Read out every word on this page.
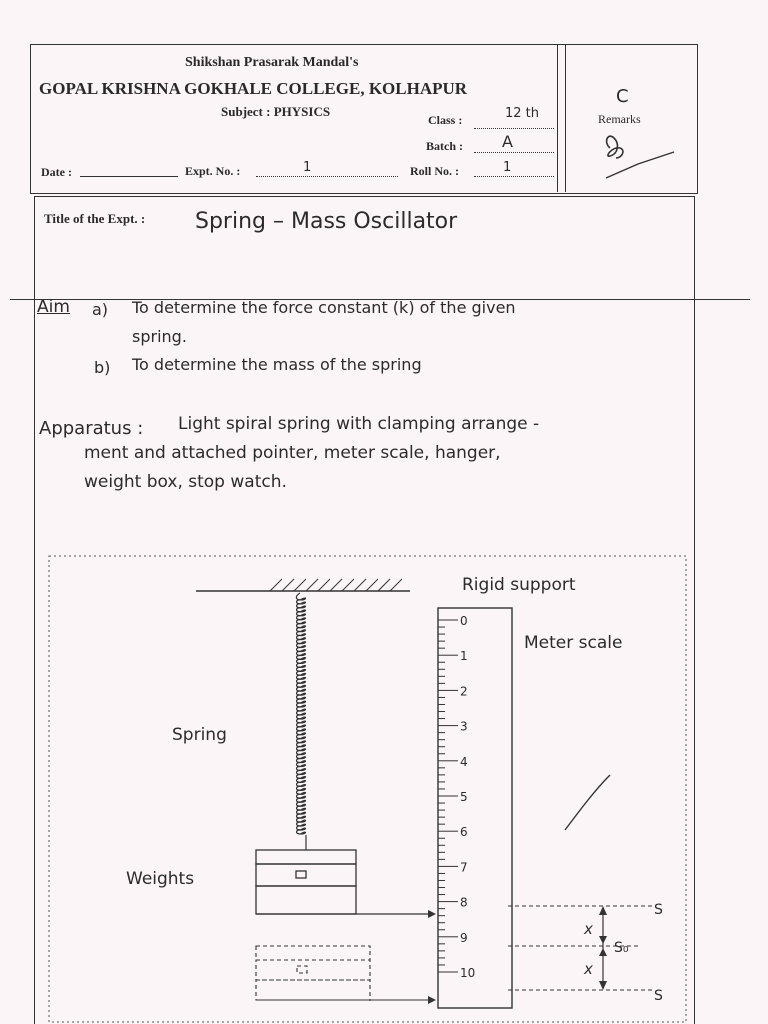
Shikshan Prasarak Mandal's
GOPAL KRISHNA GOKHALE COLLEGE, KOLHAPUR
Subject : PHYSICS
Class :	12 th
Batch : A
Date :	Expt. No. :	1	Roll No. :	1
Remarks
C
Title of the Expt. : Spring – Mass Oscillator
Aim a) To determine the force constant (k) of the given
spring.
b) To determine the mass of the spring
Apparatus : Light spiral spring with clamping arrange -
ment and attached pointer, meter scale, hanger,
weight box, stop watch.
0
1
2
3
4
5
6
7
8
9
10
Rigid support
Meter scale
Spring
Weights
x
x
S₀
S
S
